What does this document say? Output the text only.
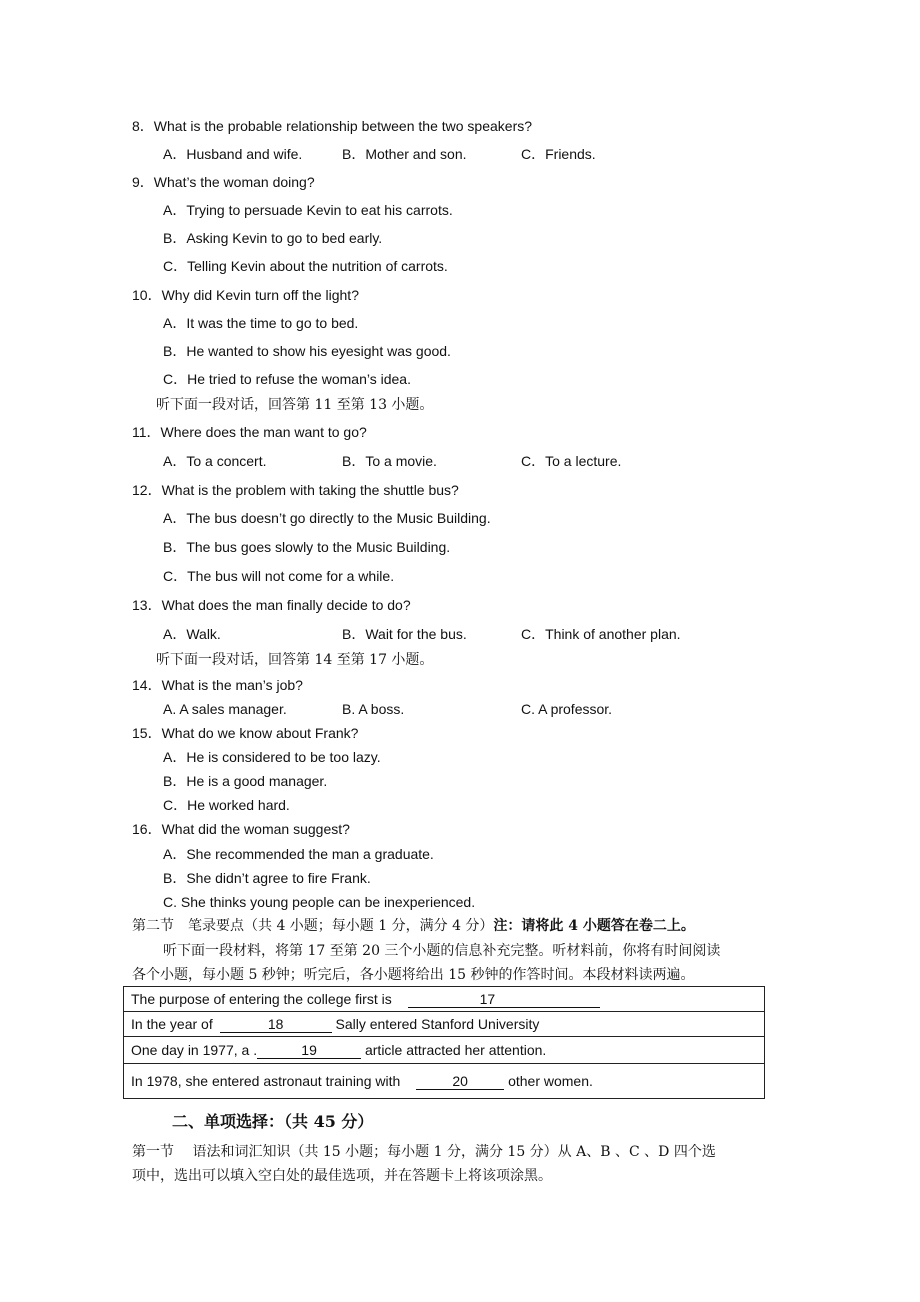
8．What is the probable relationship between the two speakers?
A．Husband and wife.	B．Mother and son.	C．Friends.
9．What’s the woman doing?
A．Trying to persuade Kevin to eat his carrots.
B．Asking Kevin to go to bed early.
C．Telling Kevin about the nutrition of carrots.
10．Why did Kevin turn off the light?
A．It was the time to go to bed.
B．He wanted to show his eyesight was good.
C．He tried to refuse the woman’s idea.
听下面一段对话，回答第 11 至第 13 小题。
11．Where does the man want to go?
A．To a concert.	B．To a movie.	C．To a lecture.
12．What is the problem with taking the shuttle bus?
A．The bus doesn’t go directly to the Music Building.
B．The bus goes slowly to the Music Building.
C．The bus will not come for a while.
13．What does the man finally decide to do?
A．Walk.	B．Wait for the bus.	C．Think of another plan.
听下面一段对话，回答第 14 至第 17 小题。
14．What is the man’s job?
A. A sales manager.	B. A boss.	C. A professor.
15．What do we know about Frank?
A．He is considered to be too lazy.
B．He is a good manager.
C．He worked hard.
16．What did the woman suggest?
A．She recommended the man a graduate.
B．She didn’t agree to fire Frank.
C. She thinks young people can be inexperienced.
第二节　笔录要点（共 4 小题；每小题 1 分，满分 4 分）注：请将此 4 小题答在卷二上。
听下面一段材料，将第 17 至第 20 三个小题的信息补充完整。听材料前，你将有时间阅读
各个小题，每小题 5 秒钟；听完后，各小题将给出 15 秒钟的作答时间。本段材料读两遍。
The purpose of entering the college first is	17
In the year of	18	Sally entered Stanford University
One day in 1977, a .	19	article attracted her attention.
In 1978, she entered astronaut training with	20	other women.
二、单项选择：（共 45 分）
第一节　 语法和词汇知识（共 15 小题；每小题 1 分，满分 15 分）从 A、B 、C 、D 四个选
项中，选出可以填入空白处的最佳选项，并在答题卡上将该项涂黑。
